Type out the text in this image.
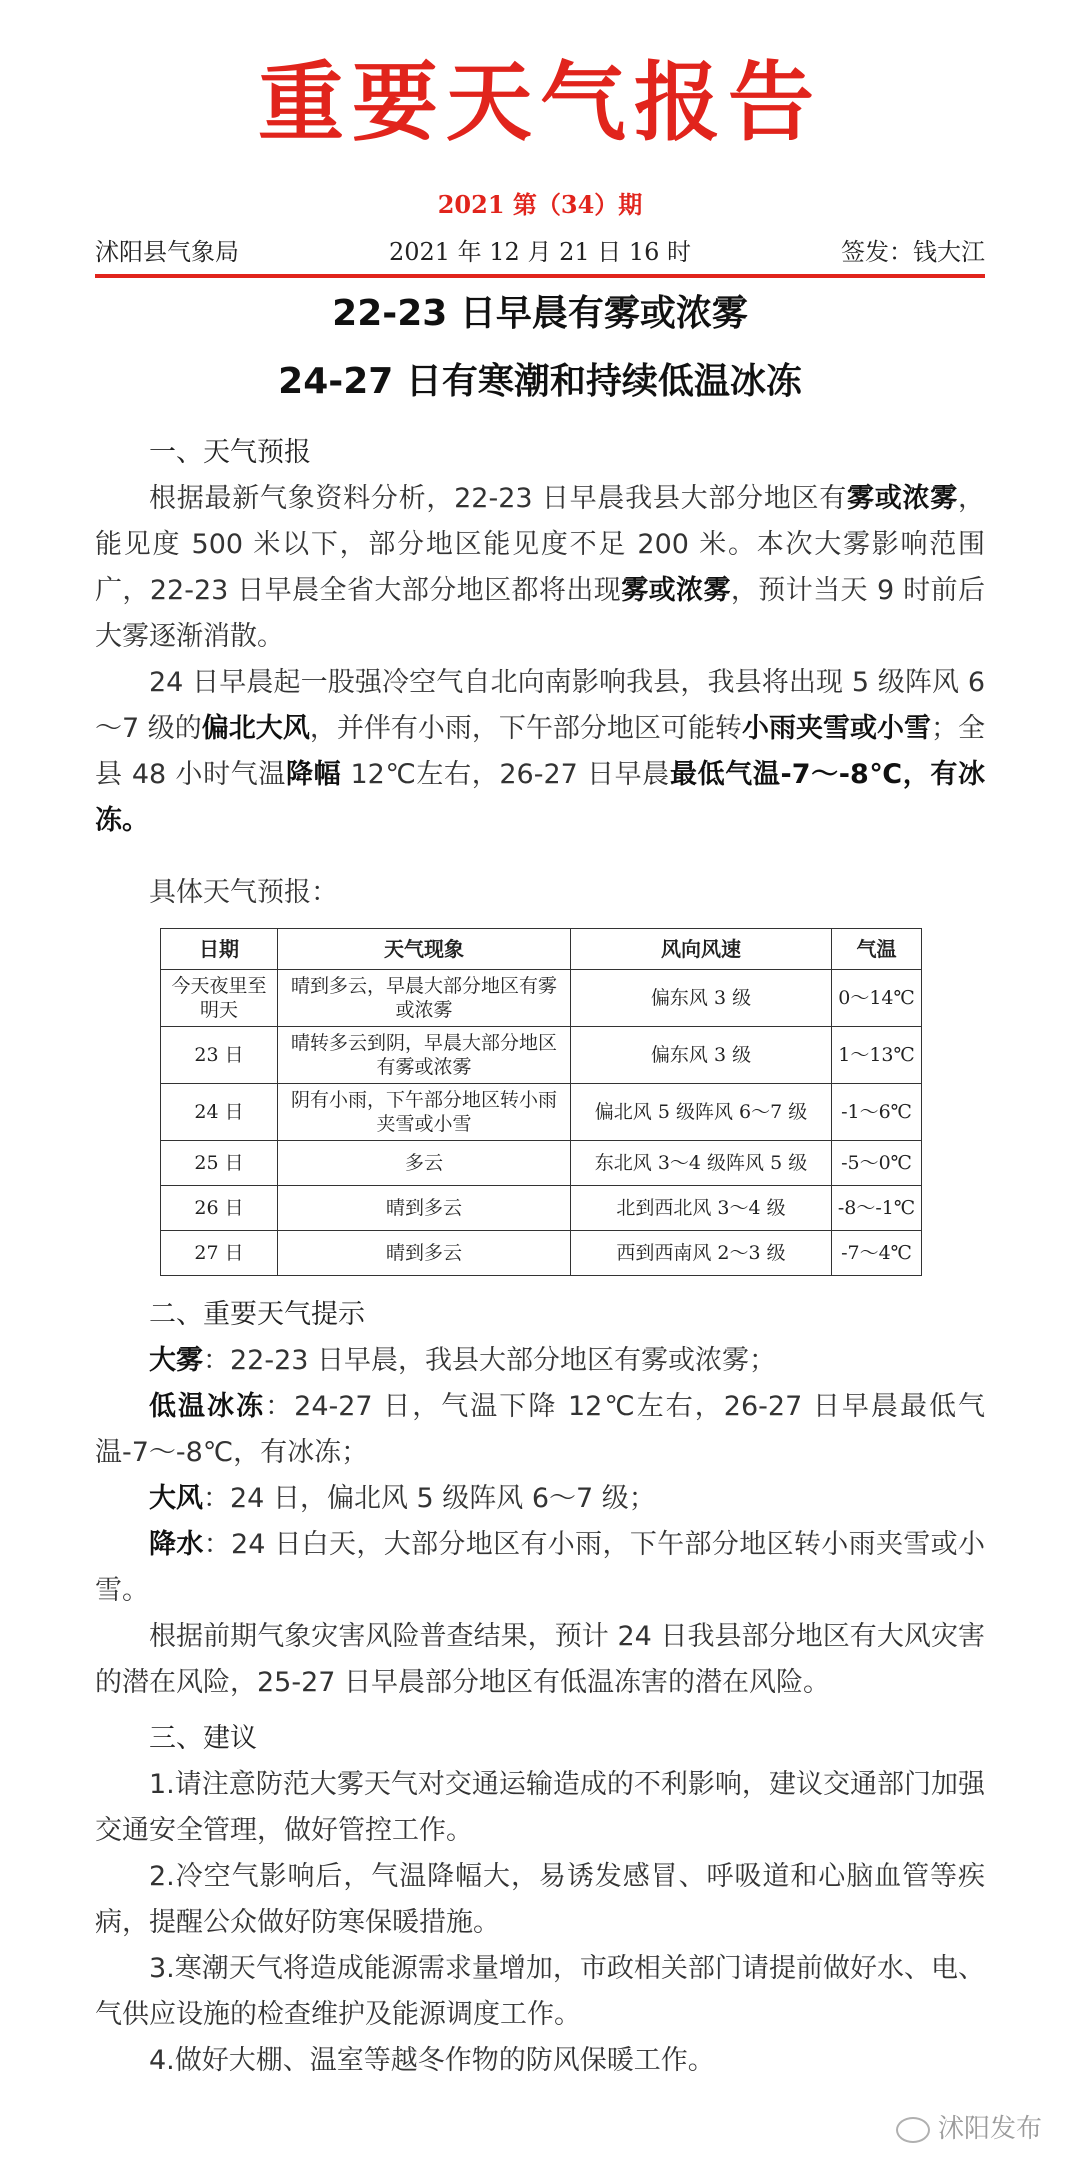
重要天气报告
2021 第（34）期
沭阳县气象局	2021 年 12 月 21 日 16 时	签发：钱大江
22-23 日早晨有雾或浓雾
24-27 日有寒潮和持续低温冰冻

一、天气预报

根据最新气象资料分析，22-23 日早晨我县大部分地区有雾或浓雾，能见度 500 米以下，部分地区能见度不足 200 米。本次大雾影响范围广，22-23 日早晨全省大部分地区都将出现雾或浓雾，预计当天 9 时前后大雾逐渐消散。

24 日早晨起一股强冷空气自北向南影响我县，我县将出现 5 级阵风 6～7 级的偏北大风，并伴有小雨，下午部分地区可能转小雨夹雪或小雪；全县 48 小时气温降幅 12℃左右，26-27 日早晨最低气温-7～-8℃，有冰冻。

具体天气预报：

日期	天气现象	风向风速	气温
今天夜里至明天	晴到多云，早晨大部分地区有雾或浓雾	偏东风 3 级	0～14℃
23 日	晴转多云到阴，早晨大部分地区有雾或浓雾	偏东风 3 级	1～13℃
24 日	阴有小雨，下午部分地区转小雨夹雪或小雪	偏北风 5 级阵风 6～7 级	-1～6℃
25 日	多云	东北风 3～4 级阵风 5 级	-5～0℃
26 日	晴到多云	北到西北风 3～4 级	-8～-1℃
27 日	晴到多云	西到西南风 2～3 级	-7～4℃

二、重要天气提示

大雾：22-23 日早晨，我县大部分地区有雾或浓雾；

低温冰冻：24-27 日，气温下降 12℃左右，26-27 日早晨最低气温-7～-8℃，有冰冻；

大风：24 日，偏北风 5 级阵风 6～7 级；

降水：24 日白天，大部分地区有小雨，下午部分地区转小雨夹雪或小雪。

根据前期气象灾害风险普查结果，预计 24 日我县部分地区有大风灾害的潜在风险，25-27 日早晨部分地区有低温冻害的潜在风险。

三、建议

1.请注意防范大雾天气对交通运输造成的不利影响，建议交通部门加强交通安全管理，做好管控工作。

2.冷空气影响后，气温降幅大，易诱发感冒、呼吸道和心脑血管等疾病，提醒公众做好防寒保暖措施。

3.寒潮天气将造成能源需求量增加，市政相关部门请提前做好水、电、气供应设施的检查维护及能源调度工作。

4.做好大棚、温室等越冬作物的防风保暖工作。

沭阳发布
